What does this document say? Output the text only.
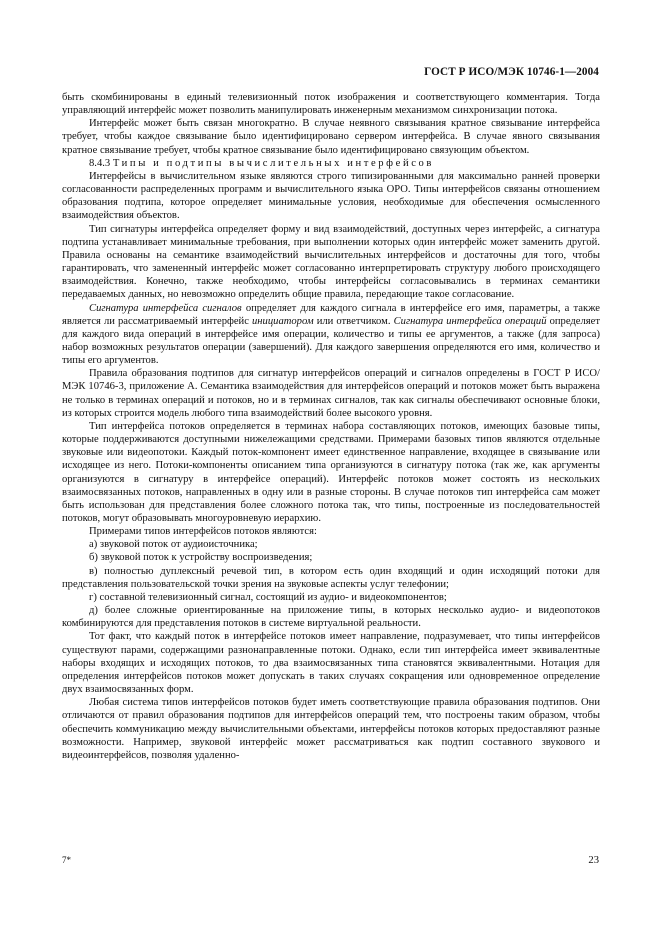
ГОСТ Р ИСО/МЭК 10746-1—2004

быть скомбинированы в единый телевизионный поток изображения и соответствующего комментария. Тогда управляющий интерфейс может позволить манипулировать инженерным механизмом синхронизации потока.

Интерфейс может быть связан многократно. В случае неявного связывания кратное связывание интерфейса требует, чтобы каждое связывание было идентифицировано сервером интерфейса. В случае явного связывания кратное связывание требует, чтобы кратное связывание было идентифицировано связующим объектом.

8.4.3 Типы и подтипы вычислительных интерфейсов

Интерфейсы в вычислительном языке являются строго типизированными для максимально ранней проверки согласованности распределенных программ и вычислительного языка ОРО. Типы интерфейсов связаны отношением образования подтипа, которое определяет минимальные условия, необходимые для обеспечения осмысленного взаимодействия объектов.

Тип сигнатуры интерфейса определяет форму и вид взаимодействий, доступных через интерфейс, а сигнатура подтипа устанавливает минимальные требования, при выполнении которых один интерфейс может заменить другой. Правила основаны на семантике взаимодействий вычислительных интерфейсов и достаточны для того, чтобы гарантировать, что замененный интерфейс может согласованно интерпретировать структуру любого происходящего взаимодействия. Конечно, также необходимо, чтобы интерфейсы согласовывались в терминах семантики передаваемых данных, но невозможно определить общие правила, передающие такое согласование.

Сигнатура интерфейса сигналов определяет для каждого сигнала в интерфейсе его имя, параметры, а также является ли рассматриваемый интерфейс инициатором или ответчиком. Сигнатура интерфейса операций определяет для каждого вида операций в интерфейсе имя операции, количество и типы ее аргументов, а также (для запроса) набор возможных результатов операции (завершений). Для каждого завершения определяются его имя, количество и типы его аргументов.

Правила образования подтипов для сигнатур интерфейсов операций и сигналов определены в ГОСТ Р ИСО/МЭК 10746-3, приложение А. Семантика взаимодействия для интерфейсов операций и потоков может быть выражена не только в терминах операций и потоков, но и в терминах сигналов, так как сигналы обеспечивают основные блоки, из которых строится модель любого типа взаимодействий более высокого уровня.

Тип интерфейса потоков определяется в терминах набора составляющих потоков, имеющих базовые типы, которые поддерживаются доступными нижележащими средствами. Примерами базовых типов являются отдельные звуковые или видеопотоки. Каждый поток-компонент имеет единственное направление, входящее в связывание или исходящее из него. Потоки-компоненты описанием типа организуются в сигнатуру потока (так же, как аргументы организуются в сигнатуру в интерфейсе операций). Интерфейс потоков может состоять из нескольких взаимосвязанных потоков, направленных в одну или в разные стороны. В случае потоков тип интерфейса сам может быть использован для представления более сложного потока так, что типы, построенные из последовательностей потоков, могут образовывать многоуровневую иерархию.

Примерами типов интерфейсов потоков являются:

а) звуковой поток от аудиоисточника;

б) звуковой поток к устройству воспроизведения;

в) полностью дуплексный речевой тип, в котором есть один входящий и один исходящий потоки для представления пользовательской точки зрения на звуковые аспекты услуг телефонии;

г) составной телевизионный сигнал, состоящий из аудио- и видеокомпонентов;

д) более сложные ориентированные на приложение типы, в которых несколько аудио- и видеопотоков комбинируются для представления потоков в системе виртуальной реальности.

Тот факт, что каждый поток в интерфейсе потоков имеет направление, подразумевает, что типы интерфейсов существуют парами, содержащими разнонаправленные потоки. Однако, если тип интерфейса имеет эквивалентные наборы входящих и исходящих потоков, то два взаимосвязанных типа становятся эквивалентными. Нотация для определения интерфейсов потоков может допускать в таких случаях сокращения или одновременное определение двух взаимосвязанных форм.

Любая система типов интерфейсов потоков будет иметь соответствующие правила образования подтипов. Они отличаются от правил образования подтипов для интерфейсов операций тем, что построены таким образом, чтобы обеспечить коммуникацию между вычислительными объектами, интерфейсы потоков которых предоставляют разные возможности. Например, звуковой интерфейс может рассматриваться как подтип составного звукового и видеоинтерфейсов, позволяя удаленно-

7*	23
